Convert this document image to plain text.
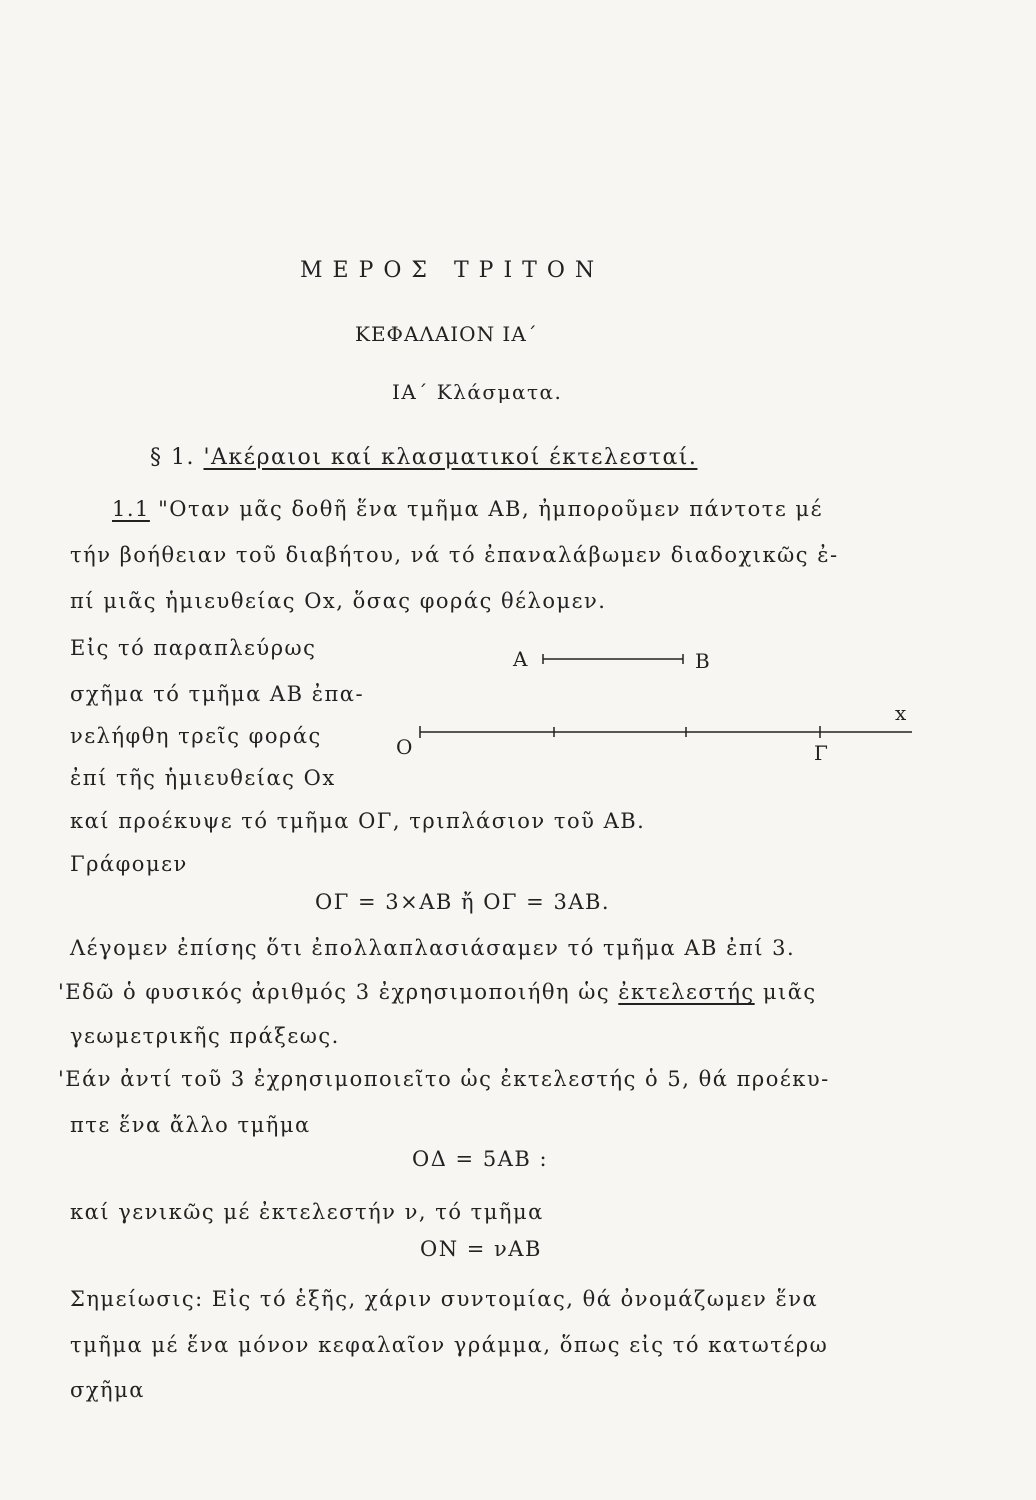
ΜΕΡΟΣ ΤΡΙΤΟΝ
ΚΕΦΑΛΑΙΟΝ ΙΑ΄
ΙΑ΄ Κλάσματα.
§ 1. 'Ακέραιοι καί κλασματικοί έκτελεσταί.
1.1 "Οταν μᾶς δοθῆ ἕνα τμῆμα ΑΒ, ἠμποροῦμεν πάντοτε μέ
τήν βοήθειαν τοῦ διαβήτου, νά τό ἐπαναλάβωμεν διαδοχικῶς ἐ-
πί μιᾶς ἡμιευθείας Ox, ὅσας φοράς θέλομεν.
Εἰς τό παραπλεύρως
σχῆμα τό τμῆμα ΑΒ ἐπα-
νελήφθη τρεῖς φοράς
ἐπί τῆς ἡμιευθείας Ox
καί προέκυψε τό τμῆμα ΟΓ, τριπλάσιον τοῦ ΑΒ.
Γράφομεν
ΟΓ = 3×ΑΒ ἤ ΟΓ = 3ΑΒ.
Λέγομεν ἐπίσης ὅτι ἐπολλαπλασιάσαμεν τό τμῆμα ΑΒ ἐπί 3.
'Εδῶ ὁ φυσικός ἀριθμός 3 ἐχρησιμοποιήθη ὡς ἐκτελεστής μιᾶς
γεωμετρικῆς πράξεως.
'Εάν ἀντί τοῦ 3 ἐχρησιμοποιεῖτο ὡς ἐκτελεστής ὁ 5, θά προέκυ-
πτε ἕνα ἄλλο τμῆμα
ΟΔ = 5ΑΒ :
καί γενικῶς μέ ἐκτελεστήν ν, τό τμῆμα
ΟΝ = νΑΒ
Σημείωσις: Εἰς τό ἑξῆς, χάριν συντομίας, θά ὀνομάζωμεν ἕνα
τμῆμα μέ ἕνα μόνον κεφαλαῖον γράμμα, ὅπως εἰς τό κατωτέρω
σχῆμα
Α	Β
Ο	Γ
x
